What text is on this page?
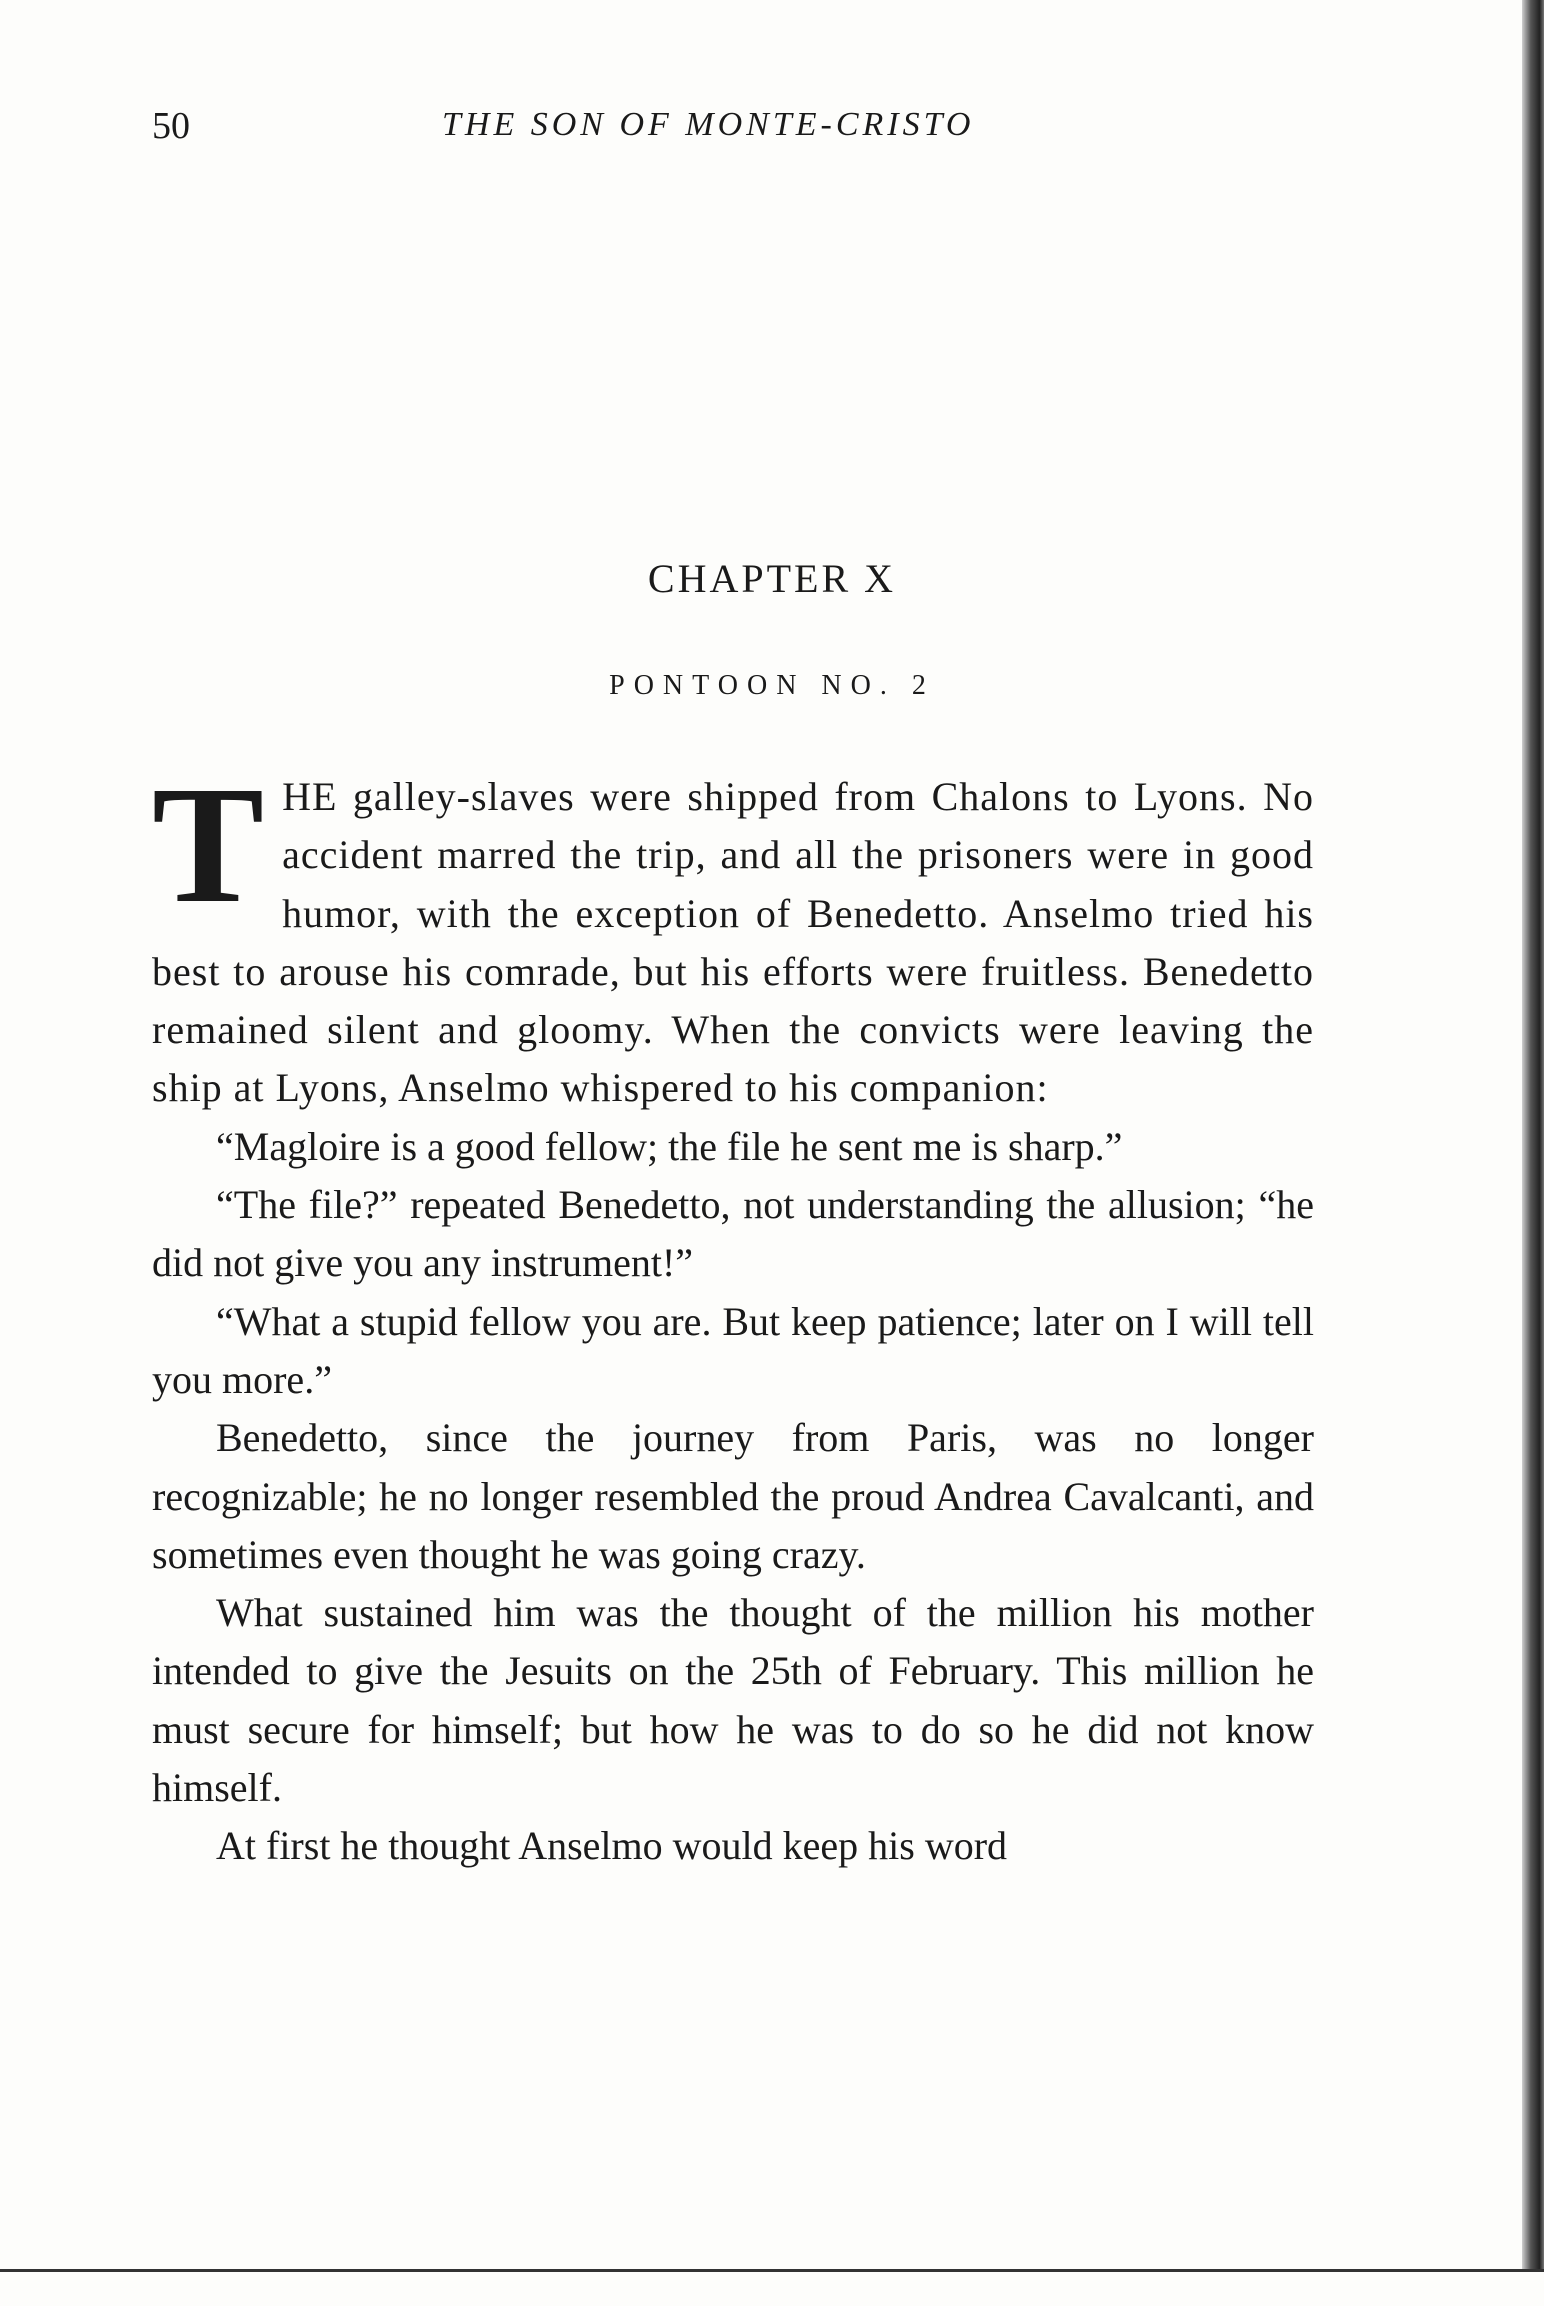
50	THE SON OF MONTE-CRISTO
CHAPTER X
PONTOON NO. 2

THE galley-slaves were shipped from Chalons to Lyons. No accident marred the trip, and all the prisoners were in good humor, with the exception of Benedetto. Anselmo tried his best to arouse his comrade, but his efforts were fruitless. Benedetto remained silent and gloomy. When the convicts were leaving the ship at Lyons, Anselmo whispered to his companion:

“Magloire is a good fellow; the file he sent me is sharp.”

“The file?” repeated Benedetto, not understanding the allusion; “he did not give you any instrument!”

“What a stupid fellow you are. But keep patience; later on I will tell you more.”

Benedetto, since the journey from Paris, was no longer recognizable; he no longer resembled the proud Andrea Cavalcanti, and sometimes even thought he was going crazy.

What sustained him was the thought of the million his mother intended to give the Jesuits on the 25th of February. This million he must secure for himself; but how he was to do so he did not know himself.

At first he thought Anselmo would keep his word
